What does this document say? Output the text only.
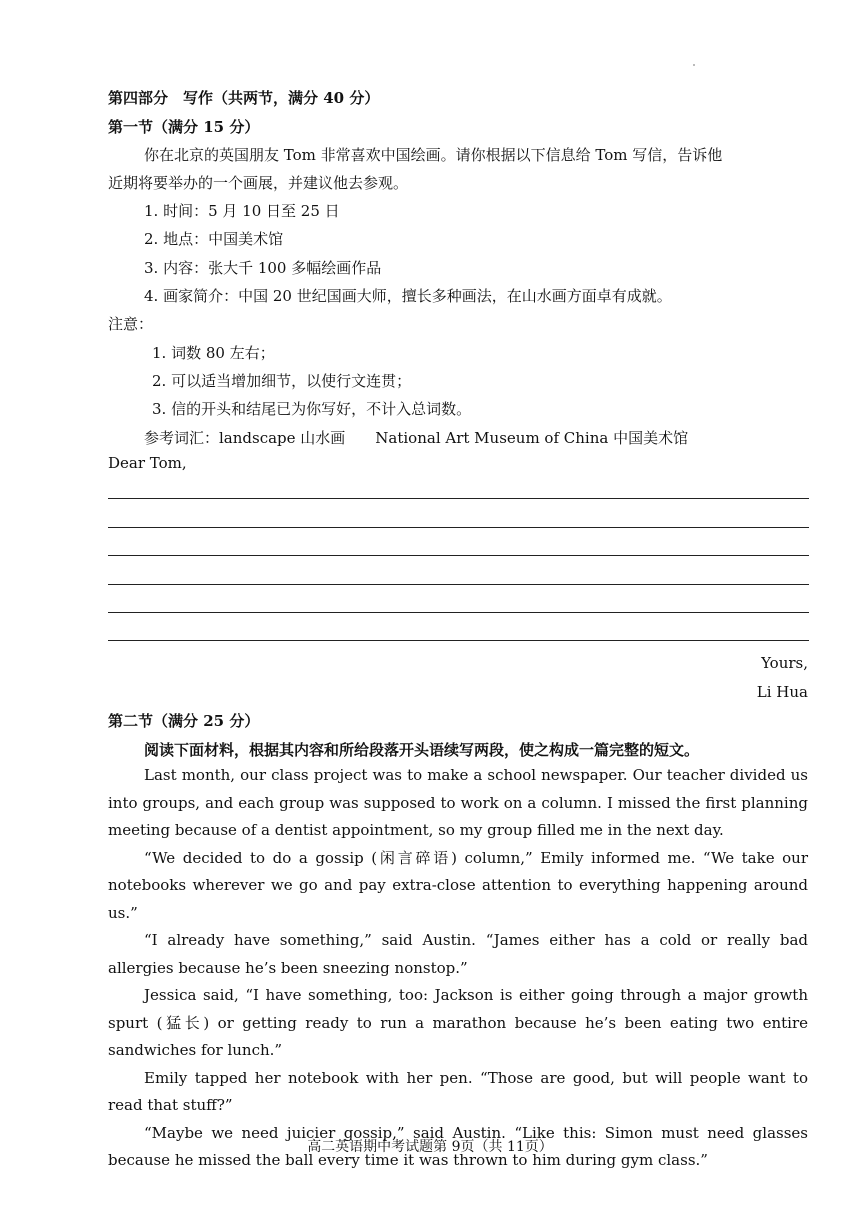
第四部分　写作（共两节，满分 40 分）
第一节（满分 15 分）
你在北京的英国朋友 Tom 非常喜欢中国绘画。请你根据以下信息给 Tom 写信，告诉他
近期将要举办的一个画展，并建议他去参观。
1. 时间：5 月 10 日至 25 日
2. 地点：中国美术馆
3. 内容：张大千 100 多幅绘画作品
4. 画家简介：中国 20 世纪国画大师，擅长多种画法，在山水画方面卓有成就。
注意：
1. 词数 80 左右；
2. 可以适当增加细节，以使行文连贯；
3. 信的开头和结尾已为你写好，不计入总词数。
参考词汇：landscape 山水画　　National Art Museum of China 中国美术馆
Dear Tom,
Yours,
Li Hua
第二节（满分 25 分）
阅读下面材料，根据其内容和所给段落开头语续写两段，使之构成一篇完整的短文。
Last month, our class project was to make a school newspaper. Our teacher divided us into groups, and each group was supposed to work on a column. I missed the first planning meeting because of a dentist appointment, so my group filled me in the next day.
“We decided to do a gossip (闲言碎语) column,” Emily informed me. “We take our notebooks wherever we go and pay extra-close attention to everything happening around us.”
“I already have something,” said Austin. “James either has a cold or really bad allergies because he’s been sneezing nonstop.”
Jessica said, “I have something, too: Jackson is either going through a major growth spurt (猛长) or getting ready to run a marathon because he’s been eating two entire sandwiches for lunch.”
Emily tapped her notebook with her pen. “Those are good, but will people want to read that stuff?”
“Maybe we need juicier gossip,” said Austin. “Like this: Simon must need glasses because he missed the ball every time it was thrown to him during gym class.”
高二英语期中考试题第 9页（共 11页）
